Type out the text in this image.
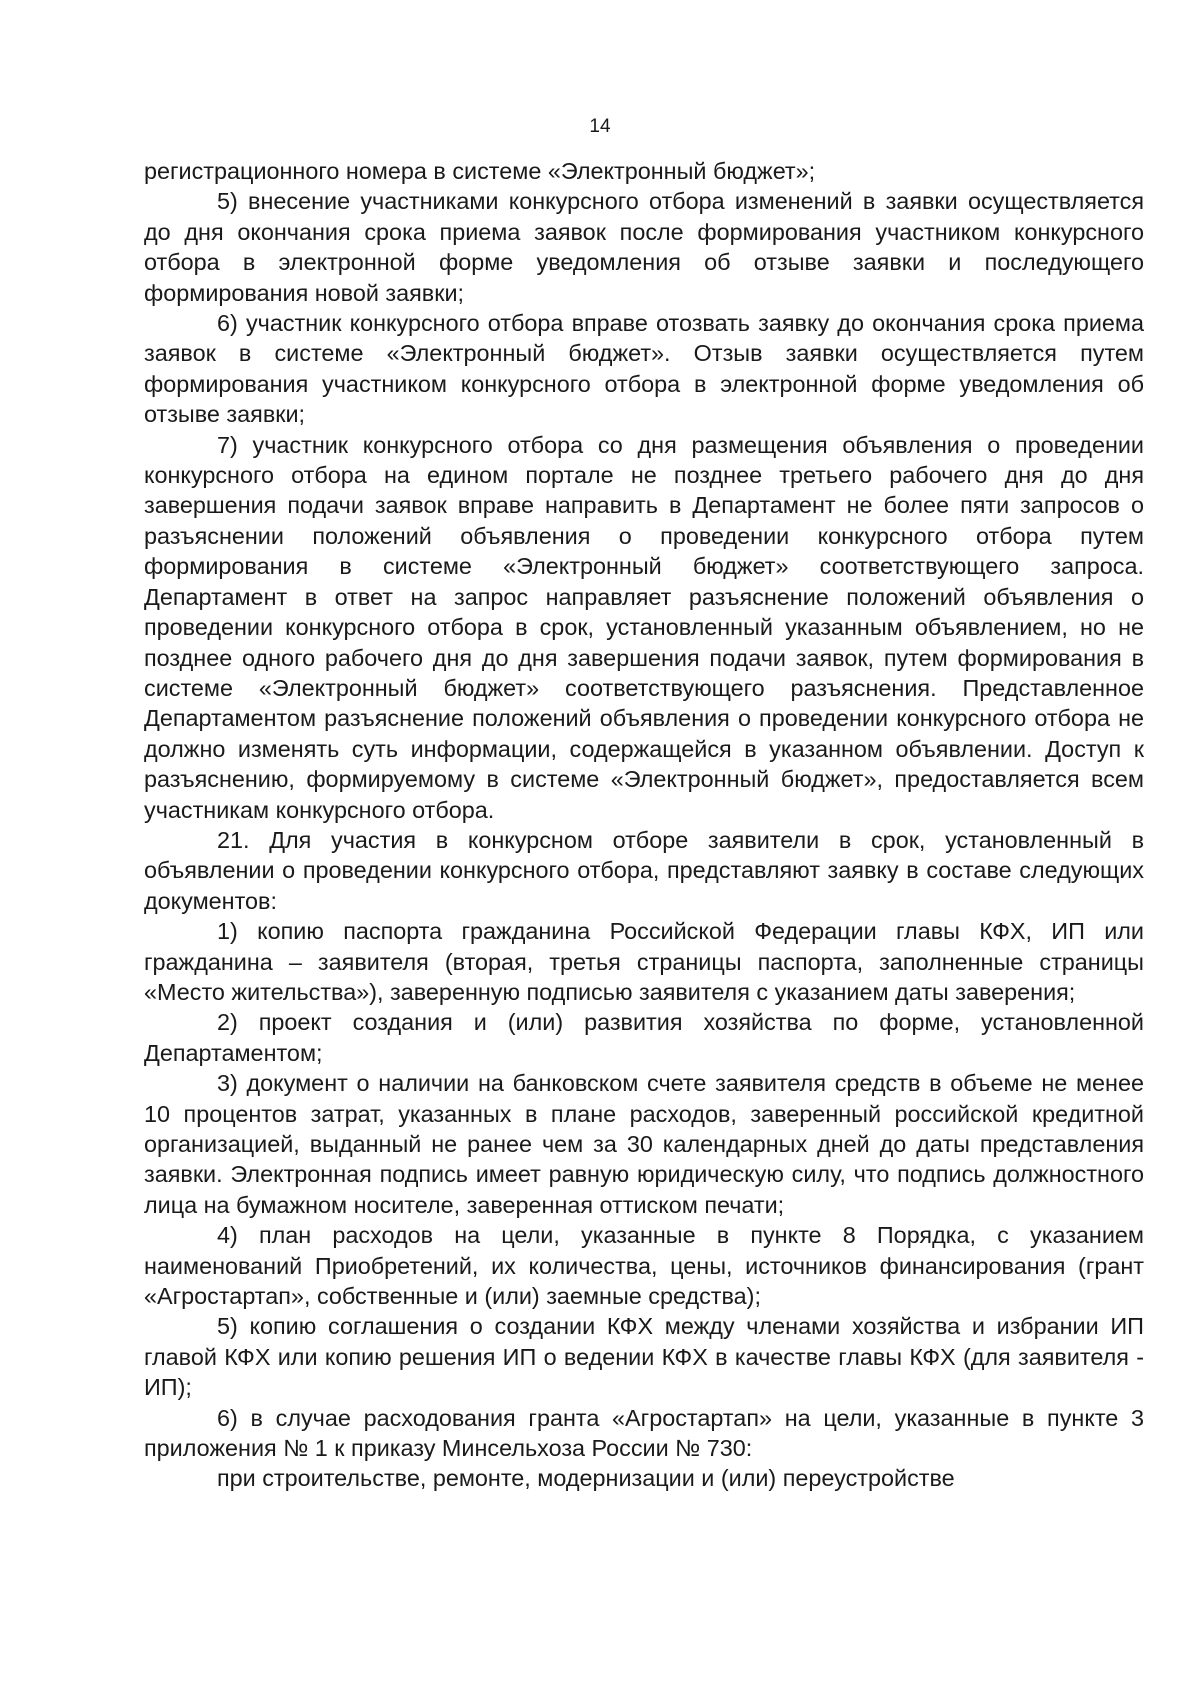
14

регистрационного номера в системе «Электронный бюджет»;

5) внесение участниками конкурсного отбора изменений в заявки осуществляется до дня окончания срока приема заявок после формирования участником конкурсного отбора в электронной форме уведомления об отзыве заявки и последующего формирования новой заявки;

6) участник конкурсного отбора вправе отозвать заявку до окончания срока приема заявок в системе «Электронный бюджет». Отзыв заявки осуществляется путем формирования участником конкурсного отбора в электронной форме уведомления об отзыве заявки;

7) участник конкурсного отбора со дня размещения объявления о проведении конкурсного отбора на едином портале не позднее третьего рабочего дня до дня завершения подачи заявок вправе направить в Департамент не более пяти запросов о разъяснении положений объявления о проведении конкурсного отбора путем формирования в системе «Электронный бюджет» соответствующего запроса. Департамент в ответ на запрос направляет разъяснение положений объявления о проведении конкурсного отбора в срок, установленный указанным объявлением, но не позднее одного рабочего дня до дня завершения подачи заявок, путем формирования в системе «Электронный бюджет» соответствующего разъяснения. Представленное Департаментом разъяснение положений объявления о проведении конкурсного отбора не должно изменять суть информации, содержащейся в указанном объявлении. Доступ к разъяснению, формируемому в системе «Электронный бюджет», предоставляется всем участникам конкурсного отбора.

21. Для участия в конкурсном отборе заявители в срок, установленный в объявлении о проведении конкурсного отбора, представляют заявку в составе следующих документов:

1) копию паспорта гражданина Российской Федерации главы КФХ, ИП или гражданина – заявителя (вторая, третья страницы паспорта, заполненные страницы «Место жительства»), заверенную подписью заявителя с указанием даты заверения;

2) проект создания и (или) развития хозяйства по форме, установленной Департаментом;

3) документ о наличии на банковском счете заявителя средств в объеме не менее 10 процентов затрат, указанных в плане расходов, заверенный российской кредитной организацией, выданный не ранее чем за 30 календарных дней до даты представления заявки. Электронная подпись имеет равную юридическую силу, что подпись должностного лица на бумажном носителе, заверенная оттиском печати;

4) план расходов на цели, указанные в пункте 8 Порядка, с указанием наименований Приобретений, их количества, цены, источников финансирования (грант «Агростартап», собственные и (или) заемные средства);

5) копию соглашения о создании КФХ между членами хозяйства и избрании ИП главой КФХ или копию решения ИП о ведении КФХ в качестве главы КФХ (для заявителя - ИП);

6) в случае расходования гранта «Агростартап» на цели, указанные в пункте 3 приложения № 1 к приказу Минсельхоза России № 730:

при строительстве, ремонте, модернизации и (или) переустройстве
